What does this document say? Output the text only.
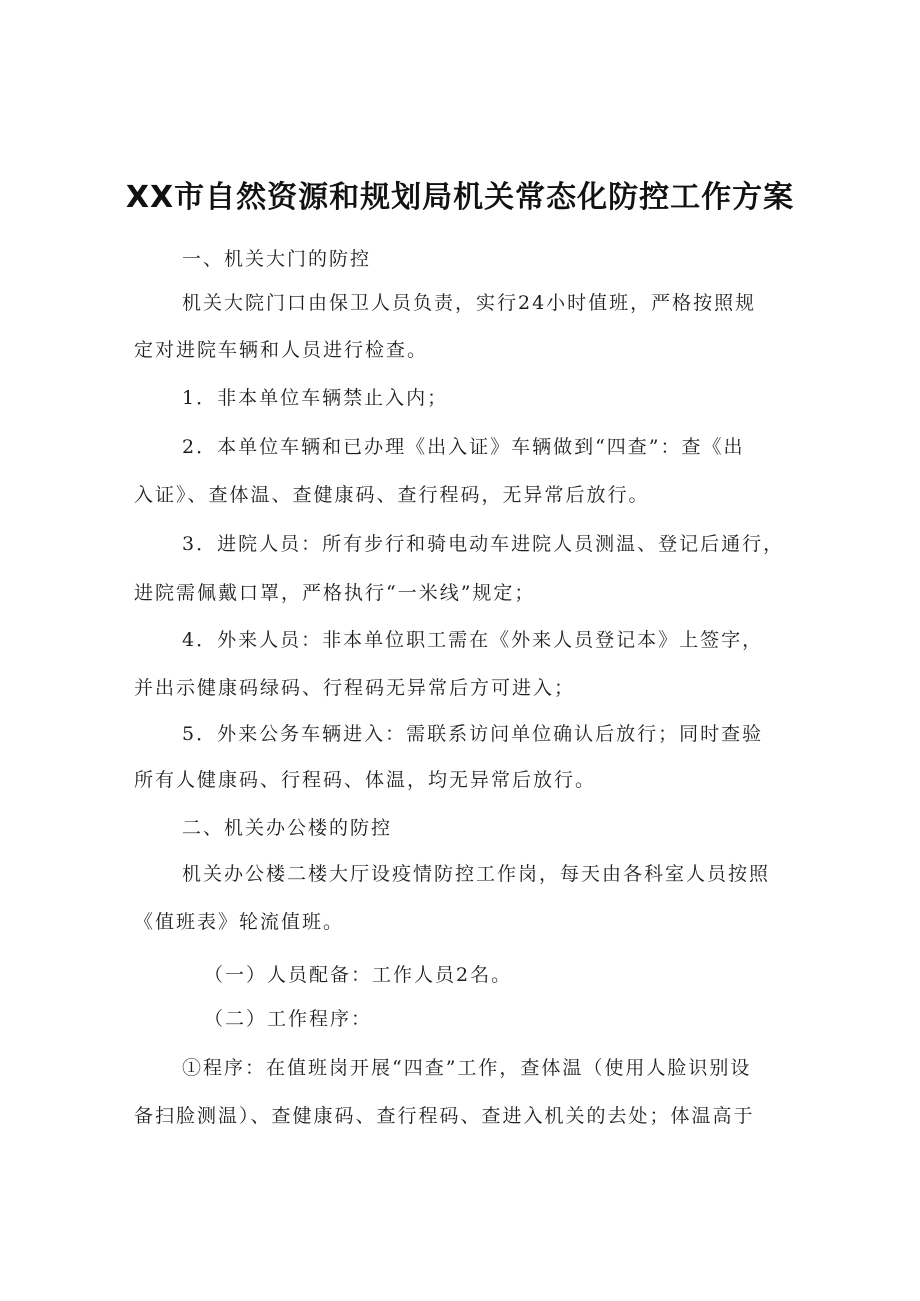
XX市自然资源和规划局机关常态化防控工作方案
一、机关大门的防控
机关大院门口由保卫人员负责，实行24小时值班，严格按照规
定对进院车辆和人员进行检查。
1．非本单位车辆禁止入内；
2．本单位车辆和已办理《出入证》车辆做到“四查”：查《出
入证》、查体温、查健康码、查行程码，无异常后放行。
3．进院人员：所有步行和骑电动车进院人员测温、登记后通行，
进院需佩戴口罩，严格执行“一米线”规定；
4．外来人员：非本单位职工需在《外来人员登记本》上签字，
并出示健康码绿码、行程码无异常后方可进入；
5．外来公务车辆进入：需联系访问单位确认后放行；同时查验
所有人健康码、行程码、体温，均无异常后放行。
二、机关办公楼的防控
机关办公楼二楼大厅设疫情防控工作岗，每天由各科室人员按照
《值班表》轮流值班。
（一）人员配备：工作人员2名。
（二）工作程序：
①程序：在值班岗开展“四查”工作，查体温（使用人脸识别设
备扫脸测温）、查健康码、查行程码、查进入机关的去处；体温高于
